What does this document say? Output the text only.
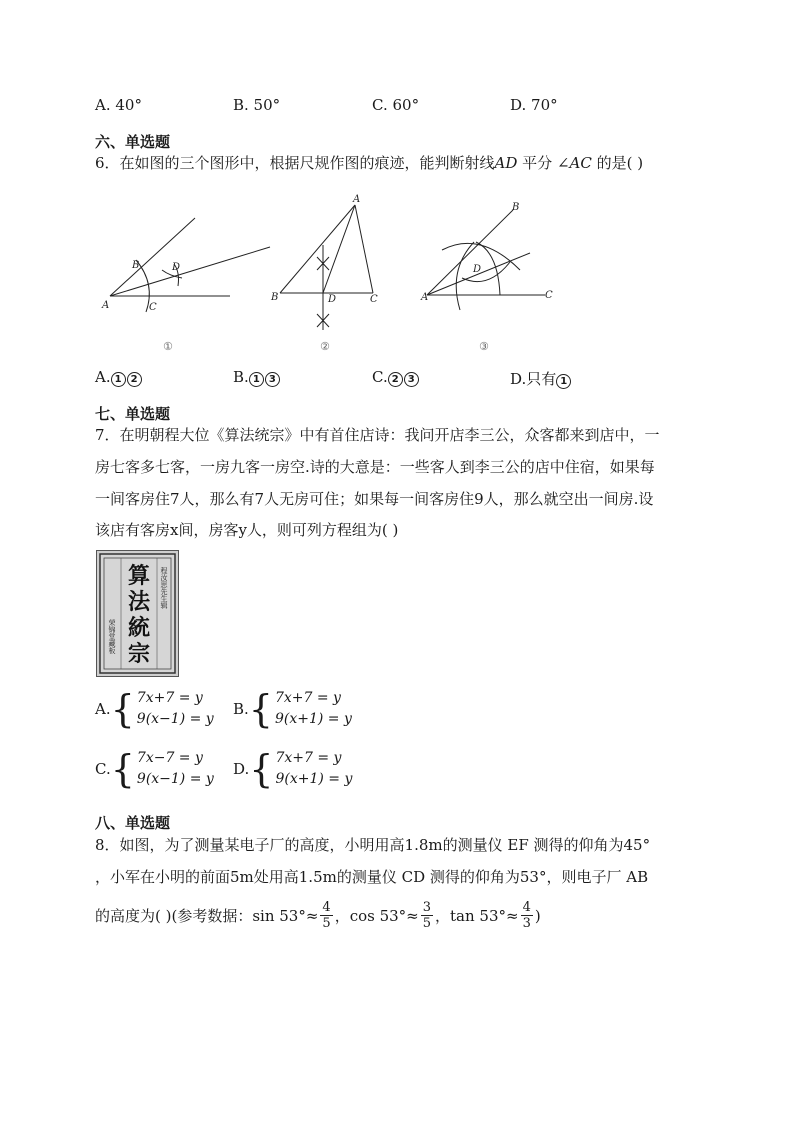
A. 40°	B. 50°	C. 60°	D. 70°
六、单选题
6．在如图的三个图形中，根据尺规作图的痕迹，能判断射线AD 平分 ∠AC 的是( )
A
B
C
D
A
B	D	C	A
B
C
D
①	②	③
A. 1 2	B. 1 3	C. 2 3	D.只有 1
七、单选题
7．在明朝程大位《算法统宗》中有首住店诗：我问开店李三公，众客都来到店中，一
房七客多七客，一房九客一房空.诗的大意是：一些客人到李三公的店中住宿，如果每
一间客房住7人，那么有7人无房可住；如果每一间客房住9人，那么就空出一间房.设
该店有客房x间，房客y人，则可列方程组为( )
算
法
統
宗
程汝思先生辑
荣锦堂藏板
A. { 7x+7 = y
9(x−1) = y
B. { 7x+7 = y
9(x+1) = y
C. { 7x−7 = y
9(x−1) = y
D. { 7x+7 = y
9(x+1) = y
八、单选题
8．如图，为了测量某电子厂的高度，小明用高1.8m的测量仪 EF 测得的仰角为45°
，小军在小明的前面5m处用高1.5m的测量仪 CD 测得的仰角为53°，则电子厂 AB
的高度为( )(参考数据：$\sin 53^\circ\approx \frac{4}{5}$ ，$\cos 53^\circ\approx \frac{3}{5}$ ，$\tan 53^\circ\approx \frac{4}{3}$ )
